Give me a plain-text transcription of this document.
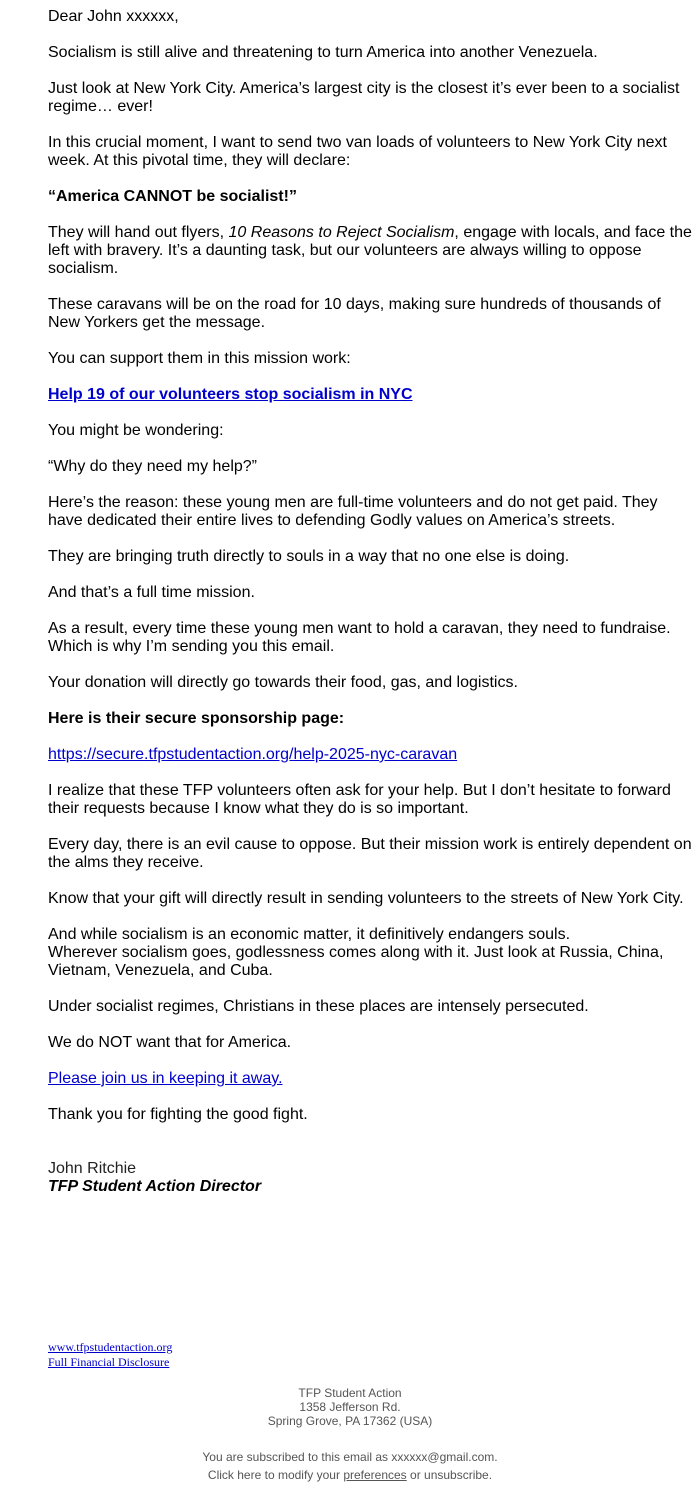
Dear John xxxxxx,

Socialism is still alive and threatening to turn America into another Venezuela.

Just look at New York City. America’s largest city is the closest it’s ever been to a socialist regime… ever!

In this crucial moment, I want to send two van loads of volunteers to New York City next week. At this pivotal time, they will declare:

“America CANNOT be socialist!”

They will hand out flyers, 10 Reasons to Reject Socialism, engage with locals, and face the left with bravery. It’s a daunting task, but our volunteers are always willing to oppose socialism.

These caravans will be on the road for 10 days, making sure hundreds of thousands of New Yorkers get the message.

You can support them in this mission work:

Help 19 of our volunteers stop socialism in NYC

You might be wondering:

“Why do they need my help?”

Here’s the reason: these young men are full-time volunteers and do not get paid. They have dedicated their entire lives to defending Godly values on America’s streets.

They are bringing truth directly to souls in a way that no one else is doing.

And that’s a full time mission.

As a result, every time these young men want to hold a caravan, they need to fundraise. Which is why I’m sending you this email.

Your donation will directly go towards their food, gas, and logistics.

Here is their secure sponsorship page:

https://secure.tfpstudentaction.org/help-2025-nyc-caravan

I realize that these TFP volunteers often ask for your help. But I don’t hesitate to forward their requests because I know what they do is so important.

Every day, there is an evil cause to oppose. But their mission work is entirely dependent on the alms they receive.

Know that your gift will directly result in sending volunteers to the streets of New York City.

And while socialism is an economic matter, it definitively endangers souls.
Wherever socialism goes, godlessness comes along with it. Just look at Russia, China, Vietnam, Venezuela, and Cuba.

Under socialist regimes, Christians in these places are intensely persecuted.

We do NOT want that for America.

Please join us in keeping it away.

Thank you for fighting the good fight.

John Ritchie

TFP Student Action Director

www.tfpstudentaction.org
Full Financial Disclosure
TFP Student Action
1358 Jefferson Rd.
Spring Grove, PA 17362 (USA)
You are subscribed to this email as xxxxxx@gmail.com.
Click here to modify your preferences or unsubscribe.
